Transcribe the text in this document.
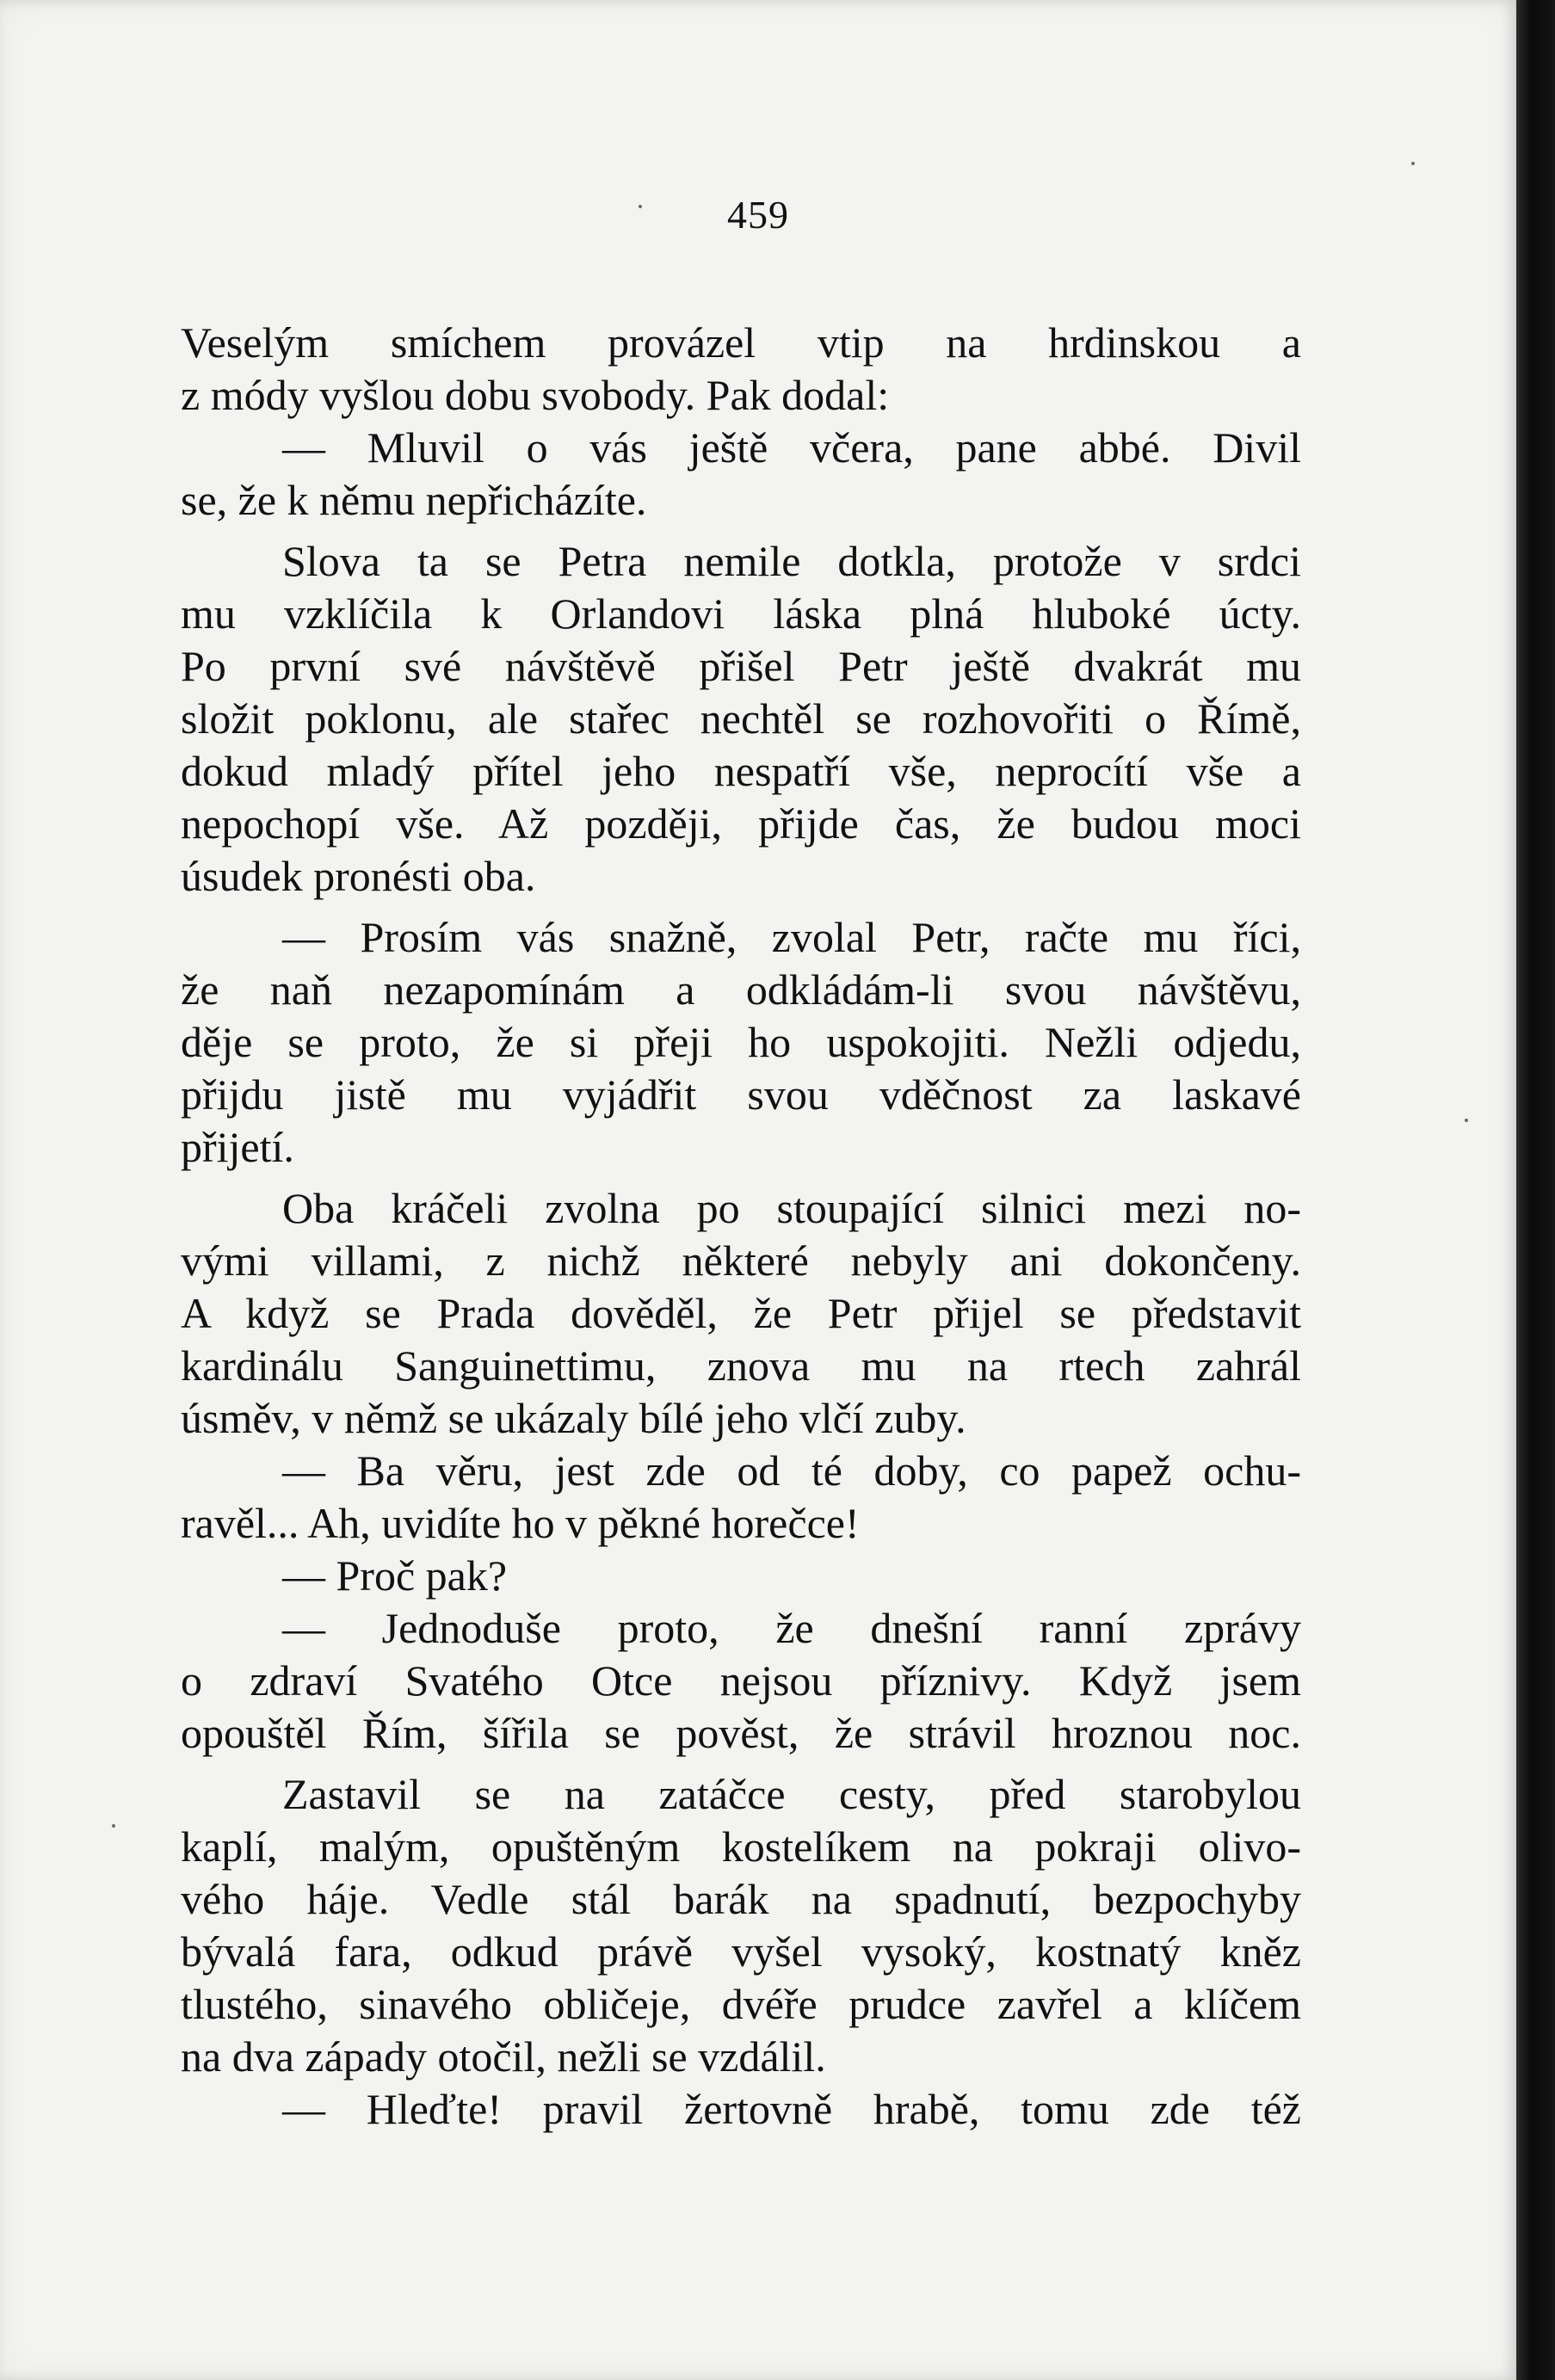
459
Veselým smíchem provázel vtip na hrdinskou a
z módy vyšlou dobu svobody. Pak dodal:
— Mluvil o vás ještě včera, pane abbé. Divil
se, že k němu nepřicházíte.
Slova ta se Petra nemile dotkla, protože v srdci
mu vzklíčila k Orlandovi láska plná hluboké úcty.
Po první své návštěvě přišel Petr ještě dvakrát mu
složit poklonu, ale stařec nechtěl se rozhovořiti o Římě,
dokud mladý přítel jeho nespatří vše, neprocítí vše a
nepochopí vše. Až později, přijde čas, že budou moci
úsudek pronésti oba.
— Prosím vás snažně, zvolal Petr, račte mu říci,
že naň nezapomínám a odkládám-li svou návštěvu,
děje se proto, že si přeji ho uspokojiti. Nežli odjedu,
přijdu jistě mu vyjádřit svou vděčnost za laskavé
přijetí.
Oba kráčeli zvolna po stoupající silnici mezi no-
vými villami, z nichž některé nebyly ani dokončeny.
A když se Prada dověděl, že Petr přijel se představit
kardinálu Sanguinettimu, znova mu na rtech zahrál
úsměv, v němž se ukázaly bílé jeho vlčí zuby.
— Ba věru, jest zde od té doby, co papež ochu-
ravěl... Ah, uvidíte ho v pěkné horečce!
— Proč pak?
— Jednoduše proto, že dnešní ranní zprávy
o zdraví Svatého Otce nejsou příznivy. Když jsem
opouštěl Řím, šířila se pověst, že strávil hroznou noc.
Zastavil se na zatáčce cesty, před starobylou
kaplí, malým, opuštěným kostelíkem na pokraji olivo-
vého háje. Vedle stál barák na spadnutí, bezpochyby
bývalá fara, odkud právě vyšel vysoký, kostnatý kněz
tlustého, sinavého obličeje, dvéře prudce zavřel a klíčem
na dva západy otočil, nežli se vzdálil.
— Hleďte! pravil žertovně hrabě, tomu zde též
